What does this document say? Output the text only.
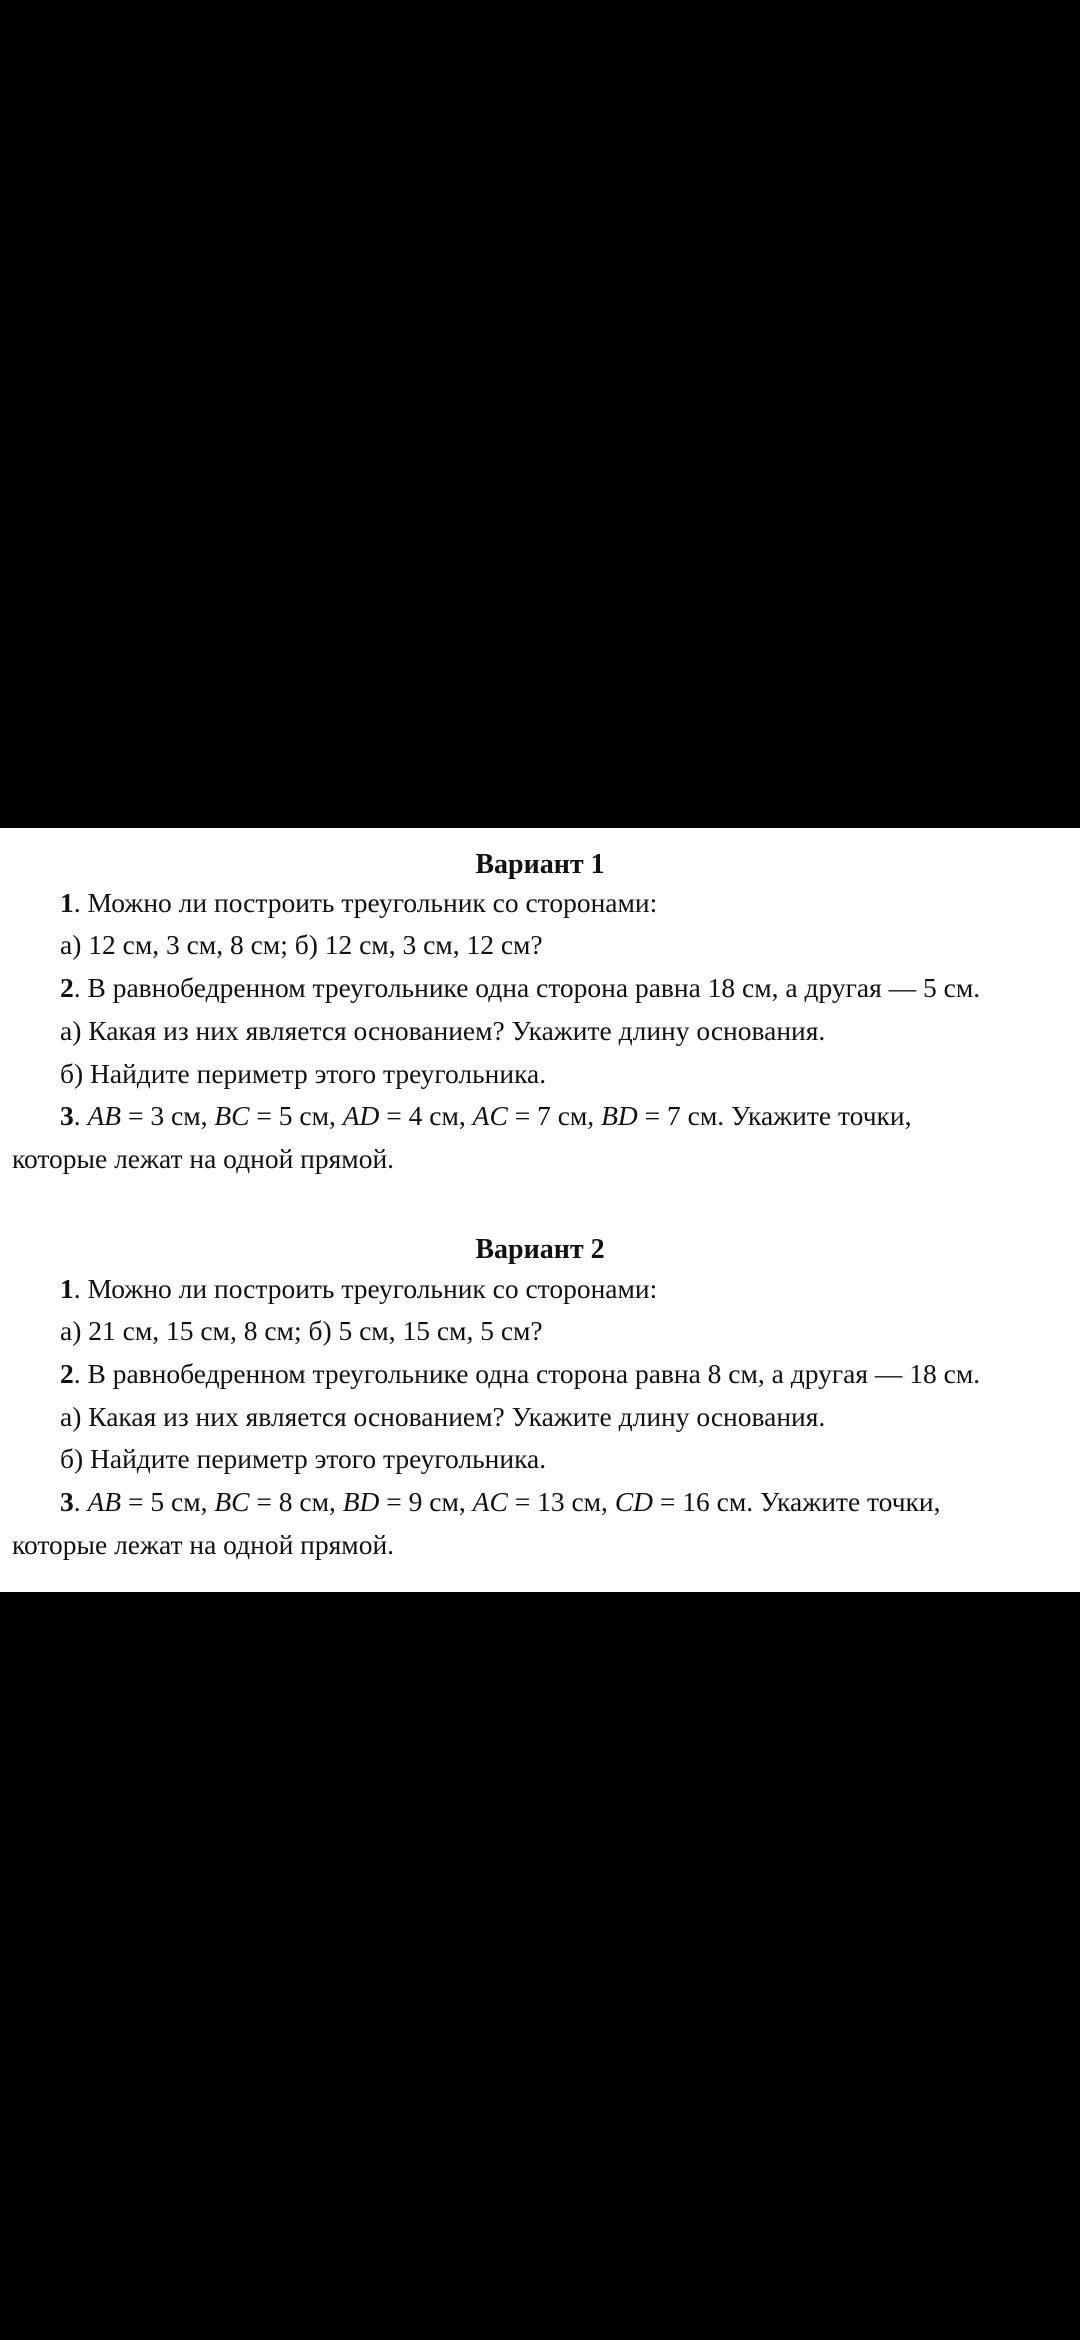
Вариант 1
1. Можно ли построить треугольник со сторонами:
а) 12 см, 3 см, 8 см; б) 12 см, 3 см, 12 см?
2. В равнобедренном треугольнике одна сторона равна 18 см, а другая — 5 см.
а) Какая из них является основанием? Укажите длину основания.
б) Найдите периметр этого треугольника.
3. AB = 3 см, BC = 5 см, AD = 4 см, AC = 7 см, BD = 7 см. Укажите точки,
которые лежат на одной прямой.
Вариант 2
1. Можно ли построить треугольник со сторонами:
а) 21 см, 15 см, 8 см; б) 5 см, 15 см, 5 см?
2. В равнобедренном треугольнике одна сторона равна 8 см, а другая — 18 см.
а) Какая из них является основанием? Укажите длину основания.
б) Найдите периметр этого треугольника.
3. AB = 5 см, BC = 8 см, BD = 9 см, AC = 13 см, CD = 16 см. Укажите точки,
которые лежат на одной прямой.
